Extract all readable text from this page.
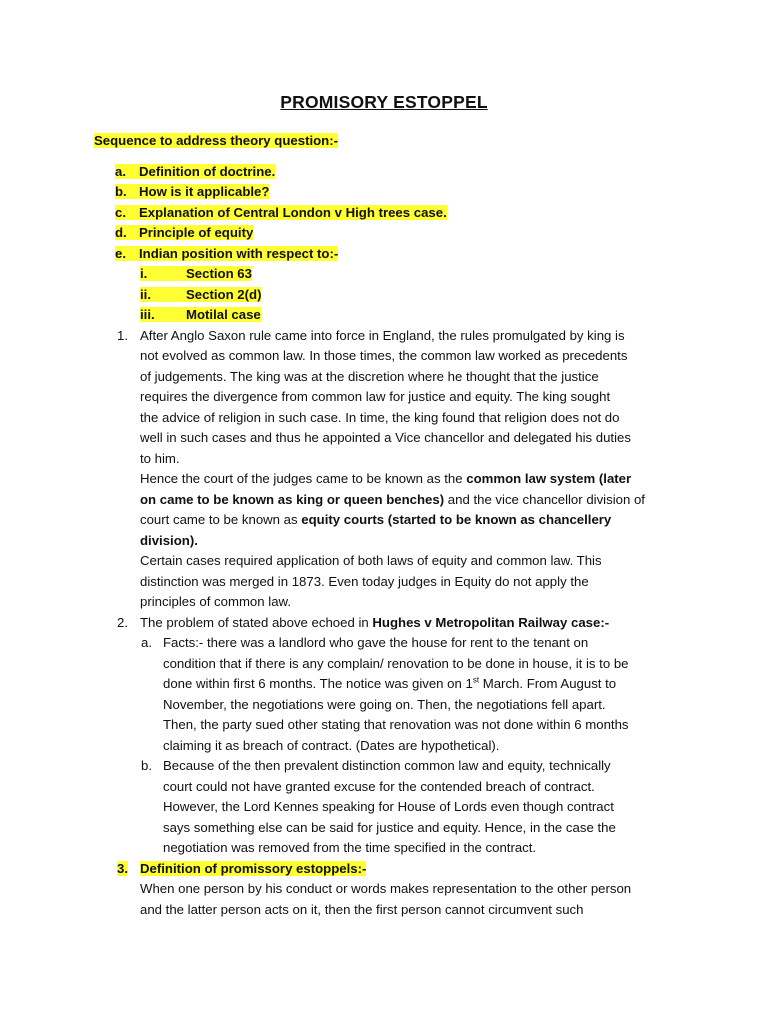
PROMISORY ESTOPPEL
Sequence to address theory question:-
a. Definition of doctrine.
b. How is it applicable?
c. Explanation of Central London v High trees case.
d. Principle of equity
e. Indian position with respect to:-
i.	Section 63
ii.	Section 2(d)
iii. Motilal case
1. After Anglo Saxon rule came into force in England, the rules promulgated by king is
not evolved as common law. In those times, the common law worked as precedents
of judgements. The king was at the discretion where he thought that the justice
requires the divergence from common law for justice and equity. The king sought
the advice of religion in such case. In time, the king found that religion does not do
well in such cases and thus he appointed a Vice chancellor and delegated his duties
to him.
Hence the court of the judges came to be known as the common law system (later
on came to be known as king or queen benches) and the vice chancellor division of
court came to be known as equity courts (started to be known as chancellery
division).
Certain cases required application of both laws of equity and common law. This
distinction was merged in 1873. Even today judges in Equity do not apply the
principles of common law.
2. The problem of stated above echoed in Hughes v Metropolitan Railway case:-
a. Facts:- there was a landlord who gave the house for rent to the tenant on
condition that if there is any complain/ renovation to be done in house, it is to be
done within first 6 months. The notice was given on 1st March. From August to
November, the negotiations were going on. Then, the negotiations fell apart.
Then, the party sued other stating that renovation was not done within 6 months
claiming it as breach of contract. (Dates are hypothetical).
b. Because of the then prevalent distinction common law and equity, technically
court could not have granted excuse for the contended breach of contract.
However, the Lord Kennes speaking for House of Lords even though contract
says something else can be said for justice and equity. Hence, in the case the
negotiation was removed from the time specified in the contract.
3. Definition of promissory estoppels:-
When one person by his conduct or words makes representation to the other person
and the latter person acts on it, then the first person cannot circumvent such
